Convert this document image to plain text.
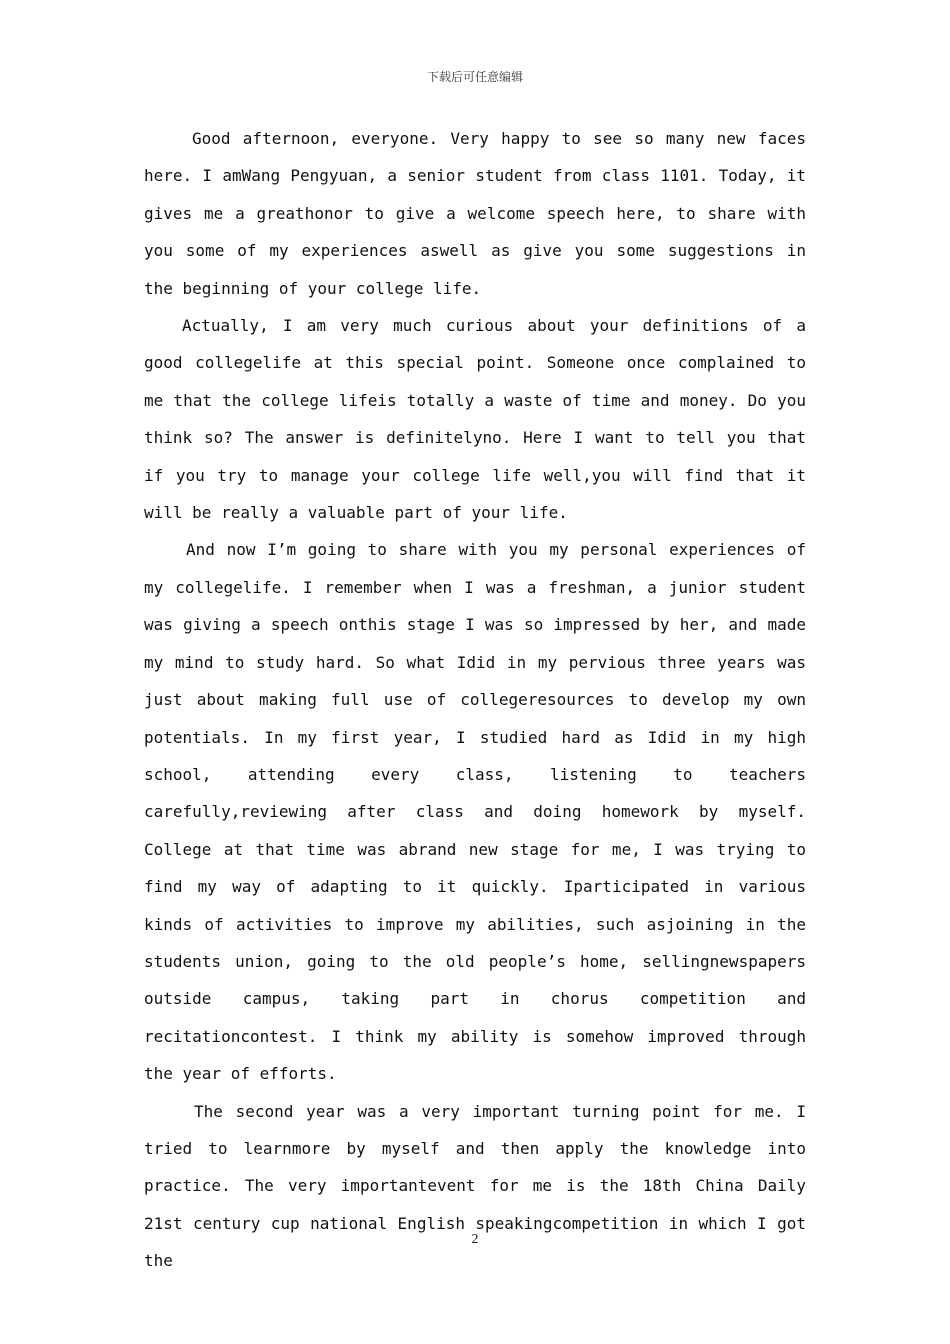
下载后可任意编辑

Good afternoon, everyone. Very happy to see so many new faces here. I amWang Pengyuan, a senior student from class 1101. Today, it gives me a greathonor to give a welcome speech here, to share with you some of my experiences aswell as give you some suggestions in the beginning of your college life.

Actually, I am very much curious about your definitions of a good collegelife at this special point. Someone once complained to me that the college lifeis totally a waste of time and money. Do you think so? The answer is definitelyno. Here I want to tell you that if you try to manage your college life well,you will find that it will be really a valuable part of your life.

And now I’m going to share with you my personal experiences of my collegelife. I remember when I was a freshman, a junior student was giving a speech onthis stage I was so impressed by her, and made my mind to study hard. So what Idid in my pervious three years was just about making full use of collegeresources to develop my own potentials. In my first year, I studied hard as Idid in my high school, attending every class, listening to teachers carefully,reviewing after class and doing homework by myself. College at that time was abrand new stage for me, I was trying to find my way of adapting to it quickly. Iparticipated in various kinds of activities to improve my abilities, such asjoining in the students union, going to the old people’s home, sellingnewspapers outside campus, taking part in chorus competition and recitationcontest. I think my ability is somehow improved through the year of efforts.

The second year was a very important turning point for me. I tried to learnmore by myself and then apply the knowledge into practice. The very importantevent for me is the 18th China Daily 21st century cup national English speakingcompetition in which I got the

2
